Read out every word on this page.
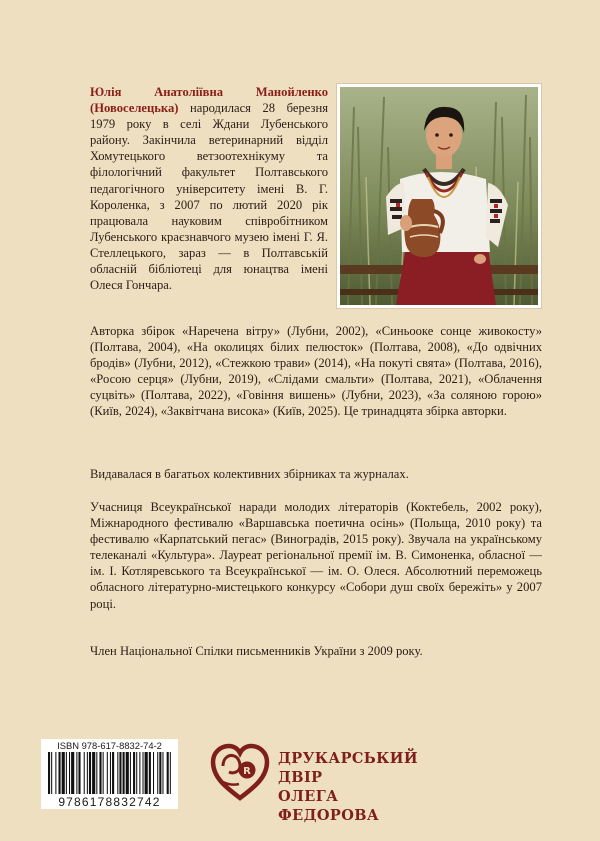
Юлія Анатоліївна Манойленко (Новоселецька) народилася 28 березня 1979 року в селі Ждани Лубенського району. Закінчила ветеринарний відділ Хомутецького ветзоотехнікуму та філологічний факультет Полтавського педагогічного університету імені В. Г. Короленка, з 2007 по лютий 2020 рік працювала науковим співробітником Лубенського краєзнавчого музею імені Г. Я. Стеллецького, зараз — в Полтавській обласній бібліотеці для юнацтва імені Олеся Гончара.

Авторка збірок «Наречена вітру» (Лубни, 2002), «Синьооке сонце живокосту» (Полтава, 2004), «На околицях білих пелюсток» (Полтава, 2008), «До одвічних бродів» (Лубни, 2012), «Стежкою трави» (2014), «На покуті свята» (Полтава, 2016), «Росою серця» (Лубни, 2019), «Слідами смальти» (Полтава, 2021), «Облачення суцвіть» (Полтава, 2022), «Говіння вишень» (Лубни, 2023), «За соляною горою» (Київ, 2024), «Заквітчана висока» (Київ, 2025). Це тринадцята збірка авторки.

Видавалася в багатьох колективних збірниках та журналах.

Учасниця Всеукраїнської наради молодих літераторів (Коктебель, 2002 року), Міжнародного фестивалю «Варшавська поетична осінь» (Польща, 2010 року) та фестивалю «Карпатський пегас» (Виноградів, 2015 року). Звучала на українському телеканалі «Культура». Лауреат регіональної премії ім. В. Симоненка, обласної — ім. І. Котляревського та Всеукраїнської — ім. О. Олеся. Абсолютний переможець обласного літературно-мистецького конкурсу «Собори душ своїх бережіть» у 2007 році.

Член Національної Спілки письменників України з 2009 року.

ISBN 978-617-8832-74-2
9786178832742
R
ДРУКАРСЬКИЙ ДВІР
ОЛЕГА ФЕДОРОВА
